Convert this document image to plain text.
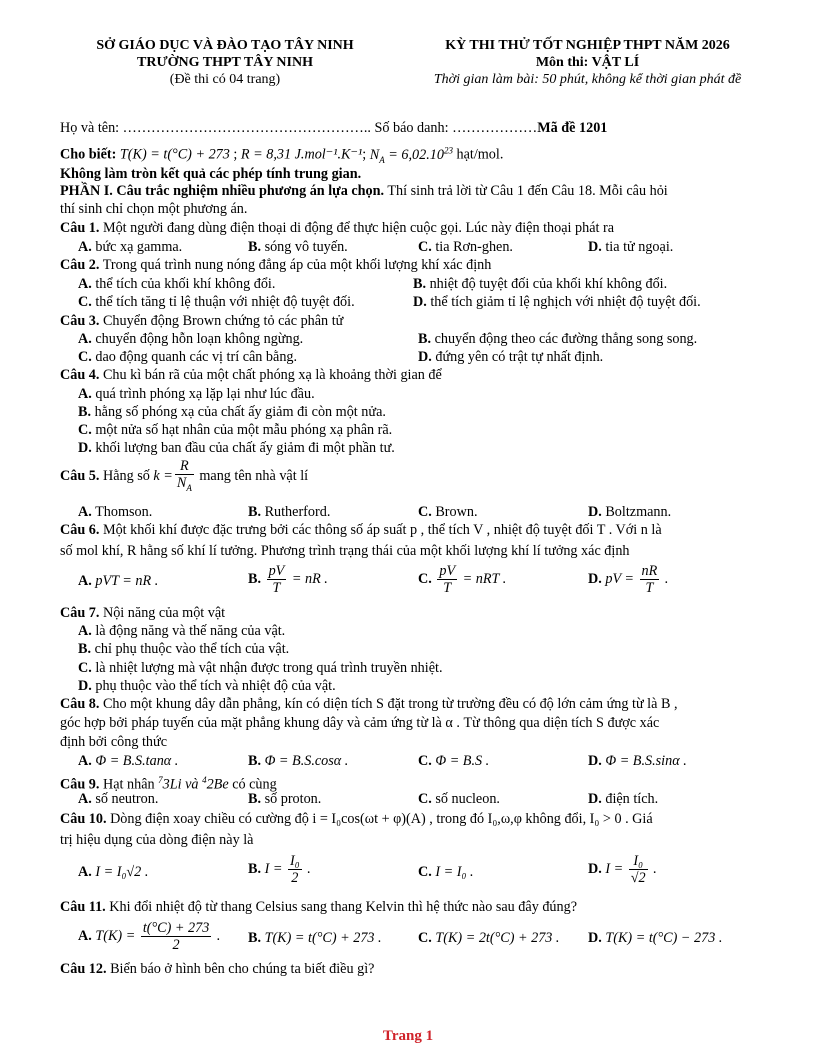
SỞ GIÁO DỤC VÀ ĐÀO TẠO TÂY NINH
TRƯỜNG THPT TÂY NINH
(Đề thi có 04 trang)
KỲ THI THỬ TỐT NGHIỆP THPT NĂM 2026
Môn thi: VẬT LÍ
Thời gian làm bài: 50 phút, không kể thời gian phát đề
Họ và tên: …………………………………………….. Số báo danh: ………………Mã đề 1201
Cho biết: T(K) = t(°C) + 273 ; R = 8,31 J.mol⁻¹.K⁻¹; $N_A = 6,02.10^{23}$ hạt/mol.
Không làm tròn kết quả các phép tính trung gian.
PHẦN I. Câu trắc nghiệm nhiều phương án lựa chọn. Thí sinh trả lời từ Câu 1 đến Câu 18. Mỗi câu hỏi
thí sinh chỉ chọn một phương án.
Câu 1. Một người đang dùng điện thoại di động để thực hiện cuộc gọi. Lúc này điện thoại phát ra
A. bức xạ gamma.	B. sóng vô tuyến.	C. tia Rơn-ghen.	D. tia tử ngoại.
Câu 2. Trong quá trình nung nóng đẳng áp của một khối lượng khí xác định
A. thể tích của khối khí không đổi.	B. nhiệt độ tuyệt đối của khối khí không đổi.
C. thể tích tăng tỉ lệ thuận với nhiệt độ tuyệt đối.	D. thể tích giảm tỉ lệ nghịch với nhiệt độ tuyệt đối.
Câu 3. Chuyển động Brown chứng tỏ các phân tử
A. chuyển động hỗn loạn không ngừng.	B. chuyển động theo các đường thẳng song song.
C. dao động quanh các vị trí cân bằng.	D. đứng yên có trật tự nhất định.
Câu 4. Chu kì bán rã của một chất phóng xạ là khoảng thời gian để
A. quá trình phóng xạ lặp lại như lúc đầu.
B. hằng số phóng xạ của chất ấy giảm đi còn một nửa.
C. một nửa số hạt nhân của một mẫu phóng xạ phân rã.
D. khối lượng ban đầu của chất ấy giảm đi một phần tư.
Câu 5. Hằng số $k = \frac{R}{N_A}$ mang tên nhà vật lí
A. Thomson.	B. Rutherford.	C. Brown.	D. Boltzmann.
Câu 6. Một khối khí được đặc trưng bởi các thông số áp suất p , thể tích V , nhiệt độ tuyệt đối T . Với n là
số mol khí, R hằng số khí lí tưởng. Phương trình trạng thái của một khối lượng khí lí tưởng xác định
A. pVT = nR .	B. $\frac{pV}{T}$ = nR .	C. $\frac{pV}{T}$ = nRT .	D. pV = $\frac{nR}{T}$ .
Câu 7. Nội năng của một vật
A. là động năng và thế năng của vật.
B. chỉ phụ thuộc vào thể tích của vật.
C. là nhiệt lượng mà vật nhận được trong quá trình truyền nhiệt.
D. phụ thuộc vào thể tích và nhiệt độ của vật.
Câu 8. Cho một khung dây dẫn phẳng, kín có diện tích S đặt trong từ trường đều có độ lớn cảm ứng từ là B ,
góc hợp bởi pháp tuyến của mặt phẳng khung dây và cảm ứng từ là α . Từ thông qua diện tích S được xác
định bởi công thức
A. Φ = B.S.tanα .	B. Φ = B.S.cosα .	C. Φ = B.S .	D. Φ = B.S.sinα .
Câu 9. Hạt nhân $^7$3Li và $^4$2Be có cùng
A. số neutron.	B. số proton.	C. số nucleon.	D. điện tích.
Câu 10. Dòng điện xoay chiều có cường độ i = I₀cos(ωt + φ)(A) , trong đó I₀,ω,φ không đổi, I₀ > 0 . Giá
trị hiệu dụng của dòng điện này là
A. I = I₀√2 .	B. $I = \frac{\text{I₀}}{2}$ .	C. I = I₀ .	D. $I = \frac{\text{I₀}}{√2}$ .
Câu 11. Khi đổi nhiệt độ từ thang Celsius sang thang Kelvin thì hệ thức nào sau đây đúng?
A. $T(K) = \frac{t(^\circ C) + 273}{2}$ . B. T(K) = t(°C) + 273 .	C. T(K) = 2t(°C) + 273 . D. T(K) = t(°C) − 273 .
Câu 12. Biển báo ở hình bên cho chúng ta biết điều gì?
Trang 1
